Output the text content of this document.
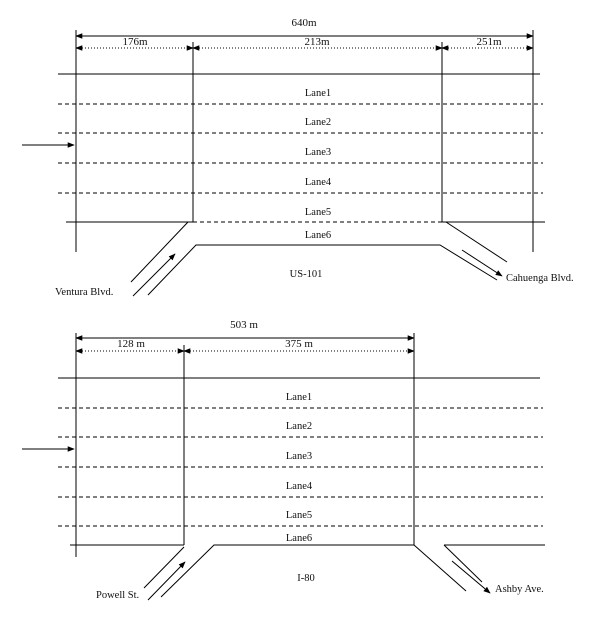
640m
176m	213m	251m
Lane1
Lane2
Lane3
Lane4
Lane5
Lane6
US-101
Ventura Blvd.
Cahuenga Blvd.
503 m
128 m	375 m
Lane1
Lane2
Lane3
Lane4
Lane5
Lane6
I-80
Powell St.
Ashby Ave.
